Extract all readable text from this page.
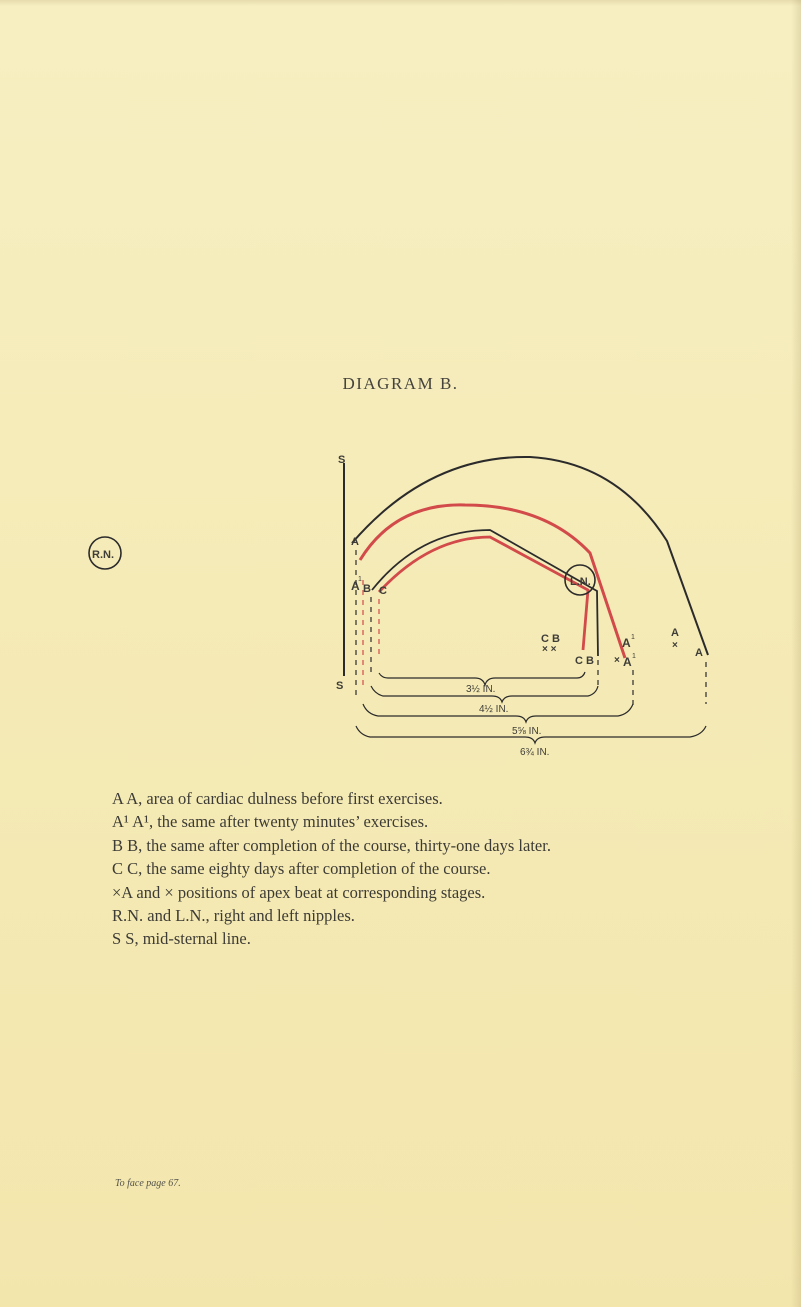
DIAGRAM B.
S
S
L.N.
R.N.
A
A
1
B C
C B
× ×
C B
A 1
× A 1
A
×
A
3½ IN.
4½ IN.
5⅝ IN.
6¾ IN.
A A, area of cardiac dulness before first exercises.
A¹ A¹, the same after twenty minutes’ exercises.
B B, the same after completion of the course, thirty-one days later.
C C, the same eighty days after completion of the course.
×A and × positions of apex beat at corresponding stages.
R.N. and L.N., right and left nipples.
S S, mid-sternal line.
To face page 67.
